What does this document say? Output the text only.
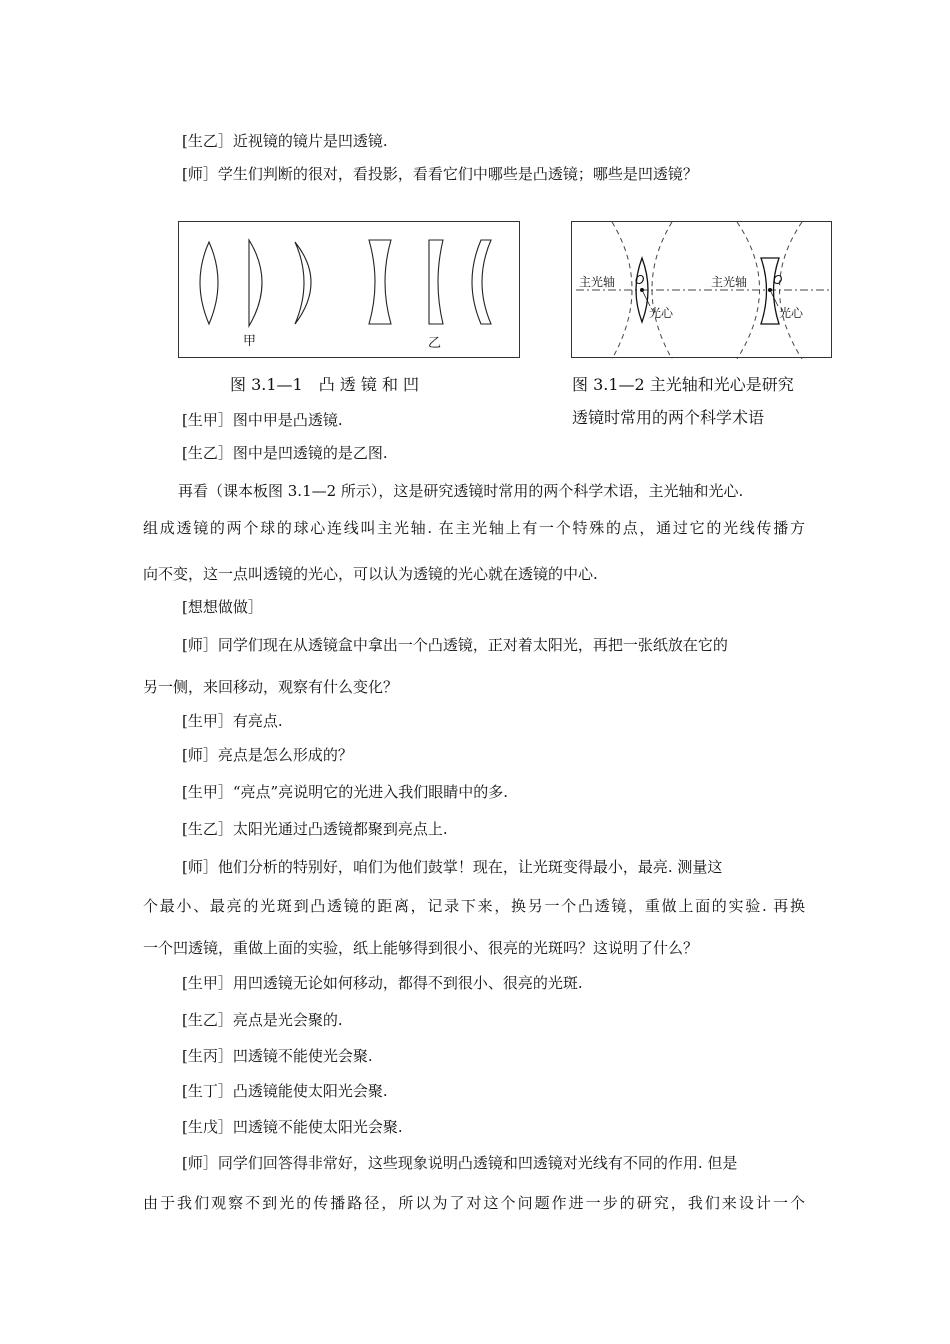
[生乙］近视镜的镜片是凹透镜.
[师］学生们判断的很对，看投影，看看它们中哪些是凸透镜；哪些是凹透镜？
甲	乙
主光轴 O
光心
主光轴 O
光心
图 3.1—1　凸 透 镜 和 凹	图 3.1—2 主光轴和光心是研究
透镜时常用的两个科学术语
[生甲］图中甲是凸透镜.
[生乙］图中是凹透镜的是乙图.
再看（课本板图 3.1—2 所示），这是研究透镜时常用的两个科学术语，主光轴和光心.
组成透镜的两个球的球心连线叫主光轴. 在主光轴上有一个特殊的点，通过它的光线传播方
向不变，这一点叫透镜的光心，可以认为透镜的光心就在透镜的中心.
[想想做做］
[师］同学们现在从透镜盒中拿出一个凸透镜，正对着太阳光，再把一张纸放在它的
另一侧，来回移动，观察有什么变化？
[生甲］有亮点.
[师］亮点是怎么形成的？
[生甲］“亮点”亮说明它的光进入我们眼睛中的多.
[生乙］太阳光通过凸透镜都聚到亮点上.
[师］他们分析的特别好，咱们为他们鼓掌！现在，让光斑变得最小，最亮. 测量这
个最小、最亮的光斑到凸透镜的距离，记录下来，换另一个凸透镜，重做上面的实验. 再换
一个凹透镜，重做上面的实验，纸上能够得到很小、很亮的光斑吗？这说明了什么？
[生甲］用凹透镜无论如何移动，都得不到很小、很亮的光斑.
[生乙］亮点是光会聚的.
[生丙］凹透镜不能使光会聚.
[生丁］凸透镜能使太阳光会聚.
[生戊］凹透镜不能使太阳光会聚.
[师］同学们回答得非常好，这些现象说明凸透镜和凹透镜对光线有不同的作用. 但是
由于我们观察不到光的传播路径，所以为了对这个问题作进一步的研究，我们来设计一个
